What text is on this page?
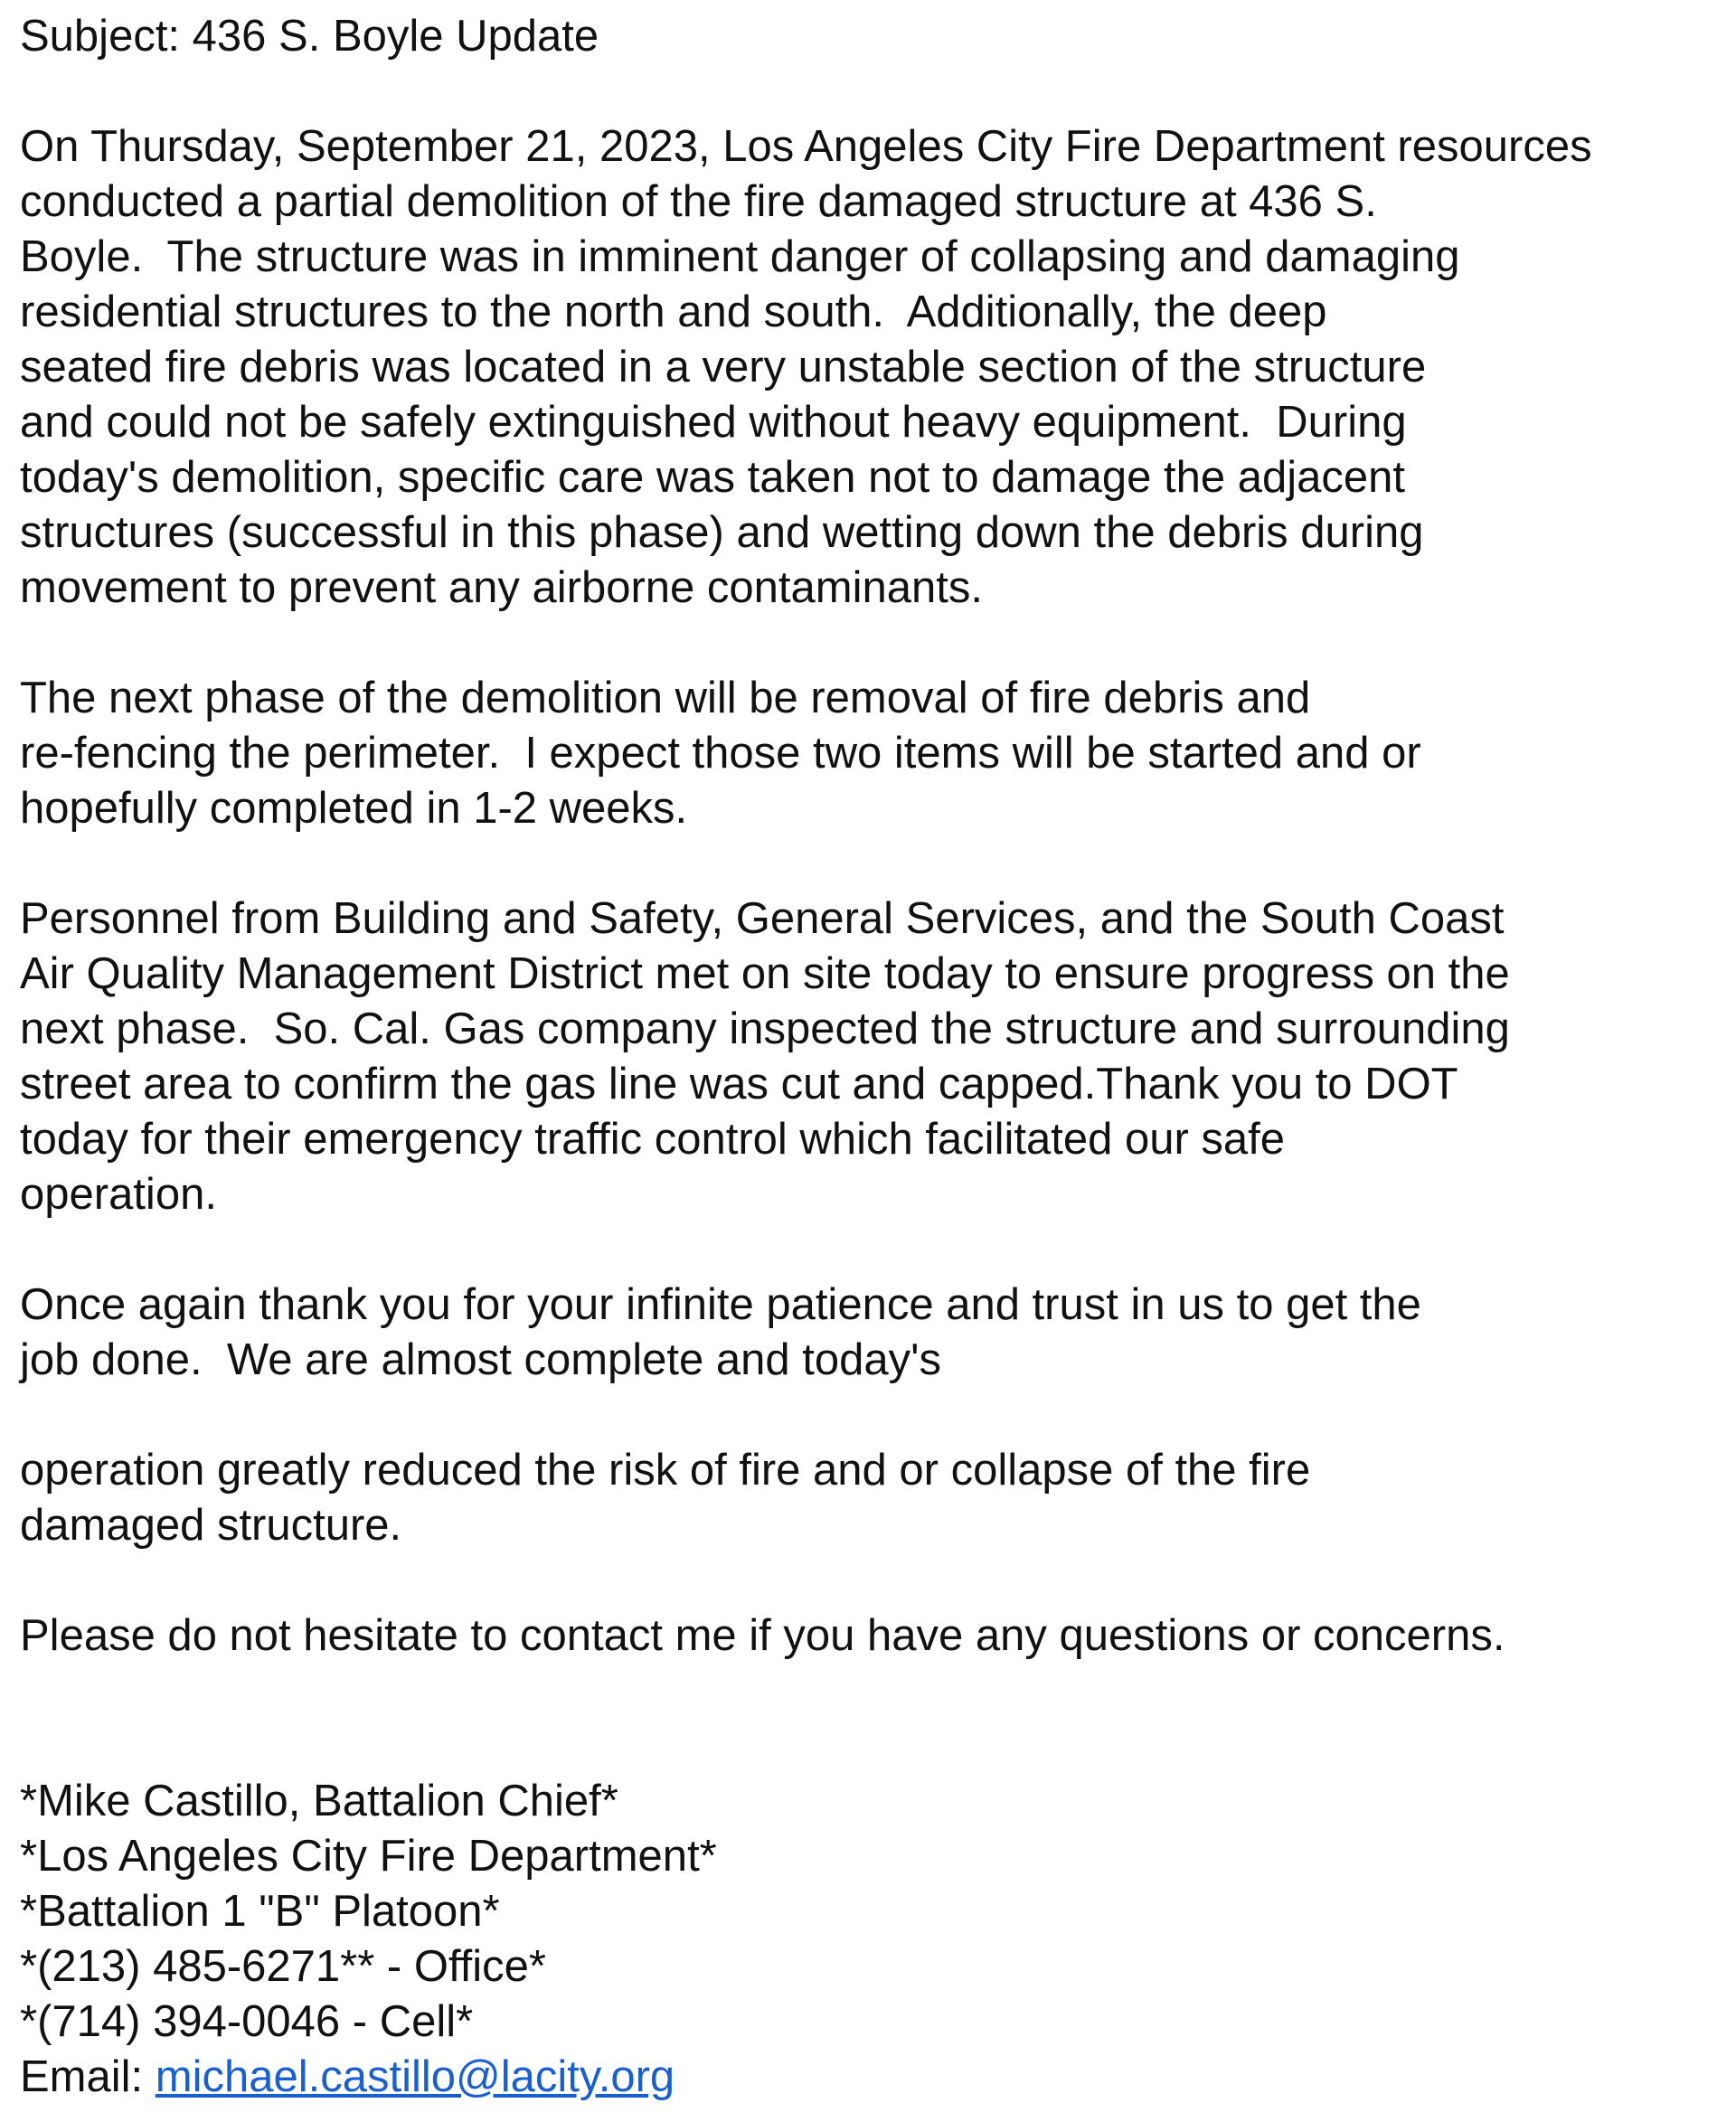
Subject: 436 S. Boyle Update
On Thursday, September 21, 2023, Los Angeles City Fire Department resources
conducted a partial demolition of the fire damaged structure at 436 S.
Boyle.  The structure was in imminent danger of collapsing and damaging
residential structures to the north and south.  Additionally, the deep
seated fire debris was located in a very unstable section of the structure
and could not be safely extinguished without heavy equipment.  During
today's demolition, specific care was taken not to damage the adjacent
structures (successful in this phase) and wetting down the debris during
movement to prevent any airborne contaminants.
The next phase of the demolition will be removal of fire debris and
re-fencing the perimeter.  I expect those two items will be started and or
hopefully completed in 1-2 weeks.
Personnel from Building and Safety, General Services, and the South Coast
Air Quality Management District met on site today to ensure progress on the
next phase.  So. Cal. Gas company inspected the structure and surrounding
street area to confirm the gas line was cut and capped.Thank you to DOT
today for their emergency traffic control which facilitated our safe
operation.
Once again thank you for your infinite patience and trust in us to get the
job done.  We are almost complete and today's
operation greatly reduced the risk of fire and or collapse of the fire
damaged structure.
Please do not hesitate to contact me if you have any questions or concerns.
*Mike Castillo, Battalion Chief*
*Los Angeles City Fire Department*
*Battalion 1 "B" Platoon*
*(213) 485-6271** - Office*
*(714) 394-0046 - Cell*
Email: michael.castillo@lacity.org
